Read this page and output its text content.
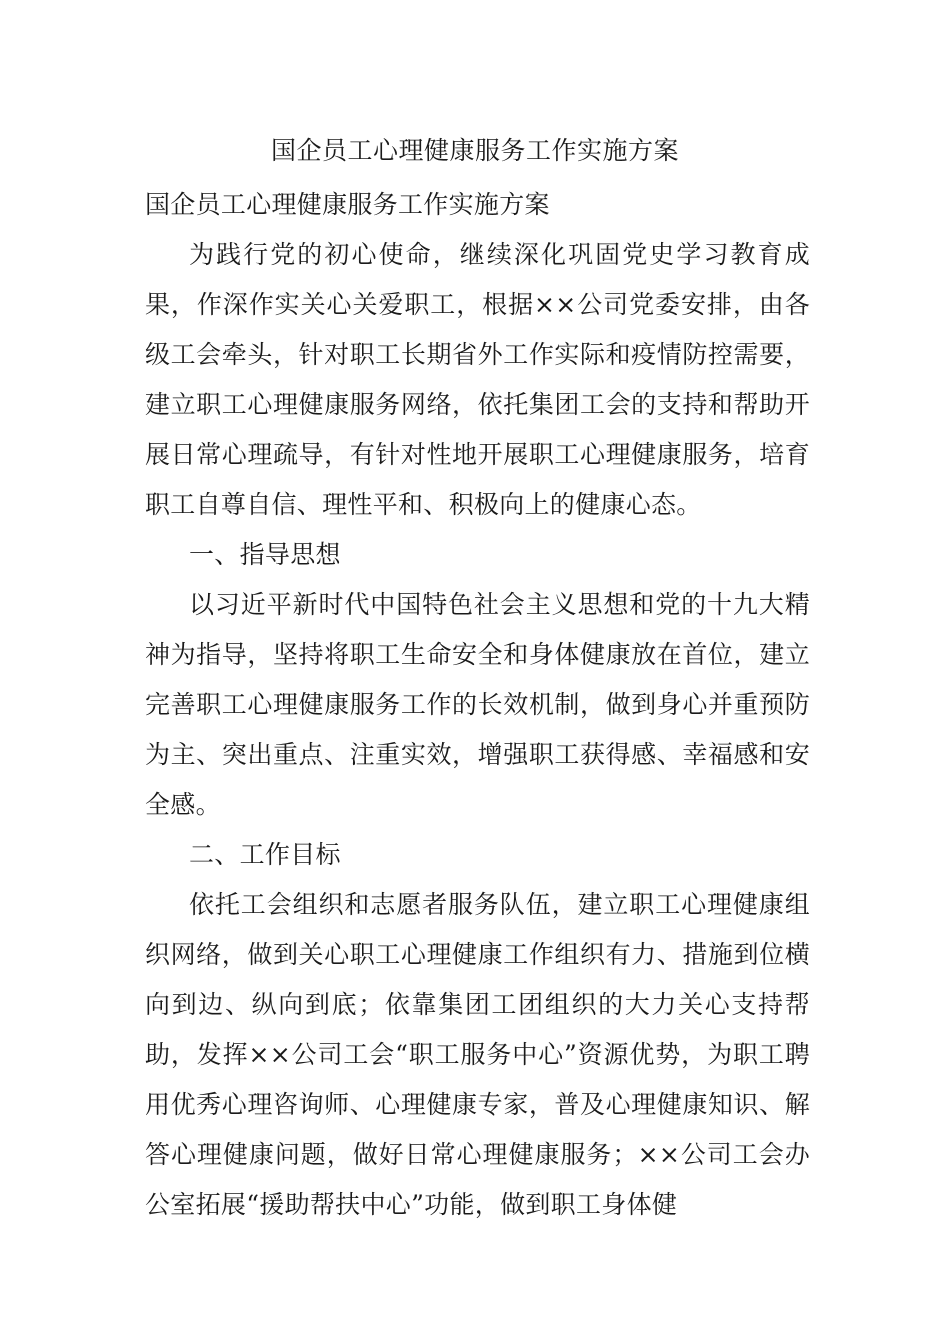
国企员工心理健康服务工作实施方案

国企员工心理健康服务工作实施方案

为践行党的初心使命，继续深化巩固党史学习教育成果，作深作实关心关爱职工，根据××公司党委安排，由各级工会牵头，针对职工长期省外工作实际和疫情防控需要，建立职工心理健康服务网络，依托集团工会的支持和帮助开展日常心理疏导，有针对性地开展职工心理健康服务，培育职工自尊自信、理性平和、积极向上的健康心态。

一、指导思想

以习近平新时代中国特色社会主义思想和党的十九大精神为指导，坚持将职工生命安全和身体健康放在首位，建立完善职工心理健康服务工作的长效机制，做到身心并重预防为主、突出重点、注重实效，增强职工获得感、幸福感和安全感。

二、工作目标

依托工会组织和志愿者服务队伍，建立职工心理健康组织网络，做到关心职工心理健康工作组织有力、措施到位横向到边、纵向到底；依靠集团工团组织的大力关心支持帮助，发挥××公司工会“职工服务中心”资源优势，为职工聘用优秀心理咨询师、心理健康专家，普及心理健康知识、解答心理健康问题，做好日常心理健康服务；××公司工会办公室拓展“援助帮扶中心”功能，做到职工身体健
